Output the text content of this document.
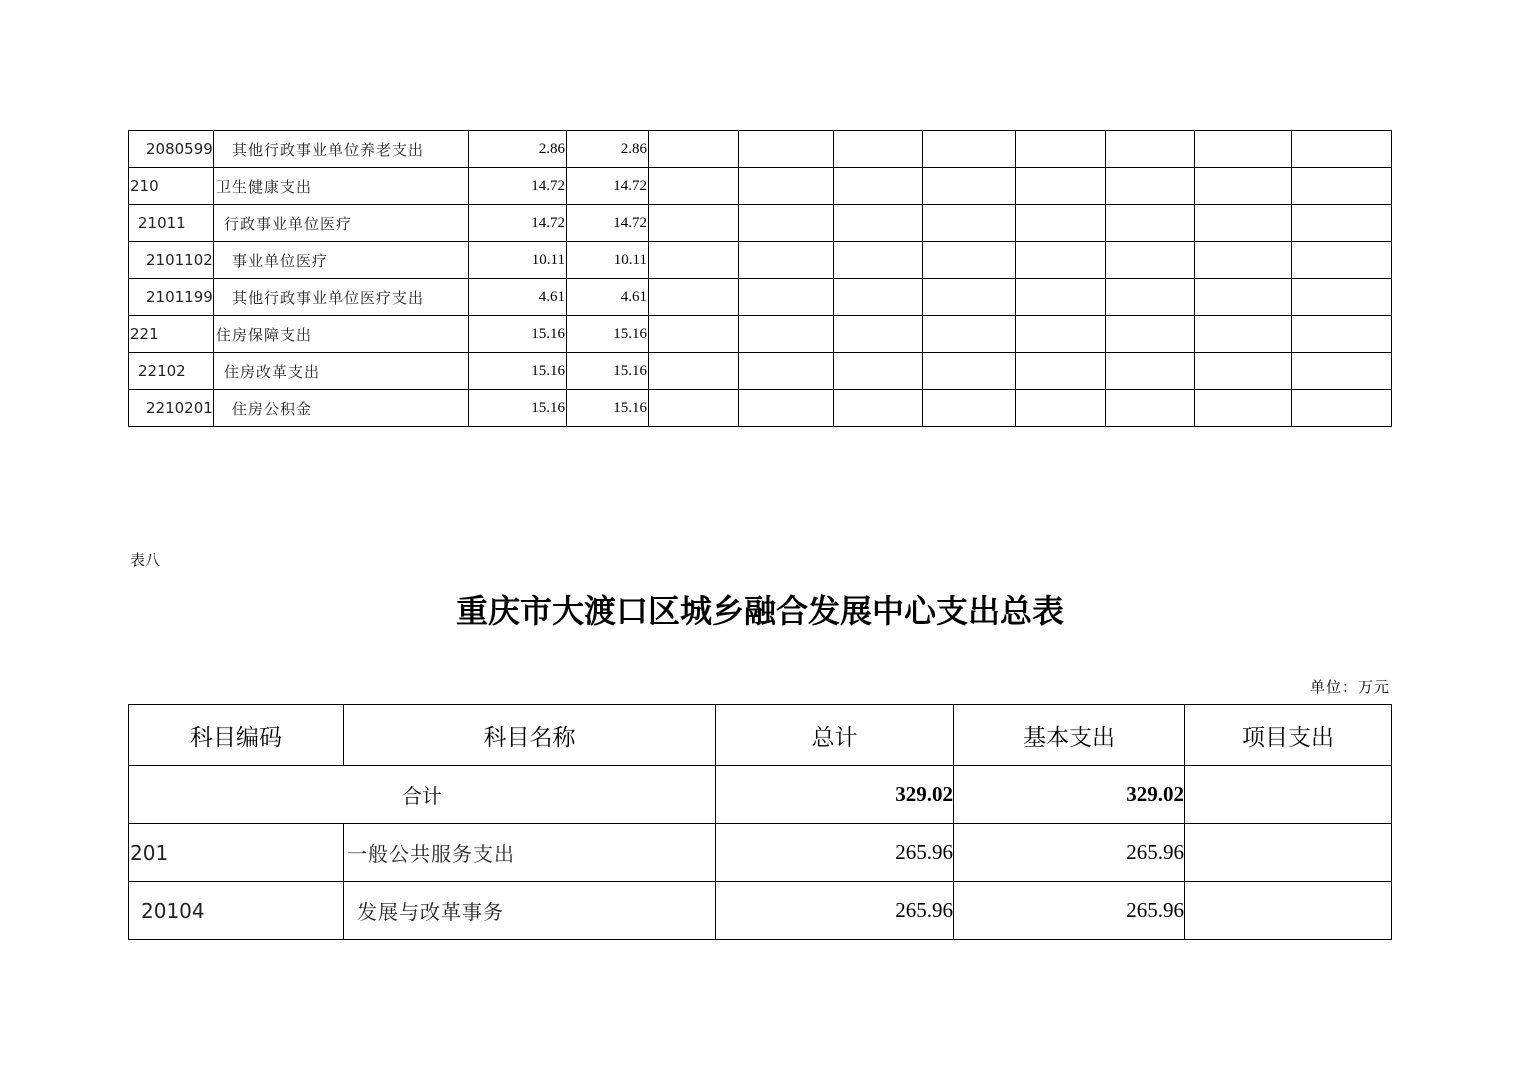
2080599	其他行政事业单位养老支出	2.86	2.86								
210	卫生健康支出	14.72	14.72								
21011	行政事业单位医疗	14.72	14.72								
2101102	事业单位医疗	10.11	10.11								
2101199	其他行政事业单位医疗支出	4.61	4.61								
221	住房保障支出	15.16	15.16								
22102	住房改革支出	15.16	15.16								
2210201	住房公积金	15.16	15.16								
表八
重庆市大渡口区城乡融合发展中心支出总表
单位：万元
科目编码	科目名称	总计	基本支出	项目支出
合计		329.02	329.02	
201	一般公共服务支出	265.96	265.96	
20104	发展与改革事务	265.96	265.96	
